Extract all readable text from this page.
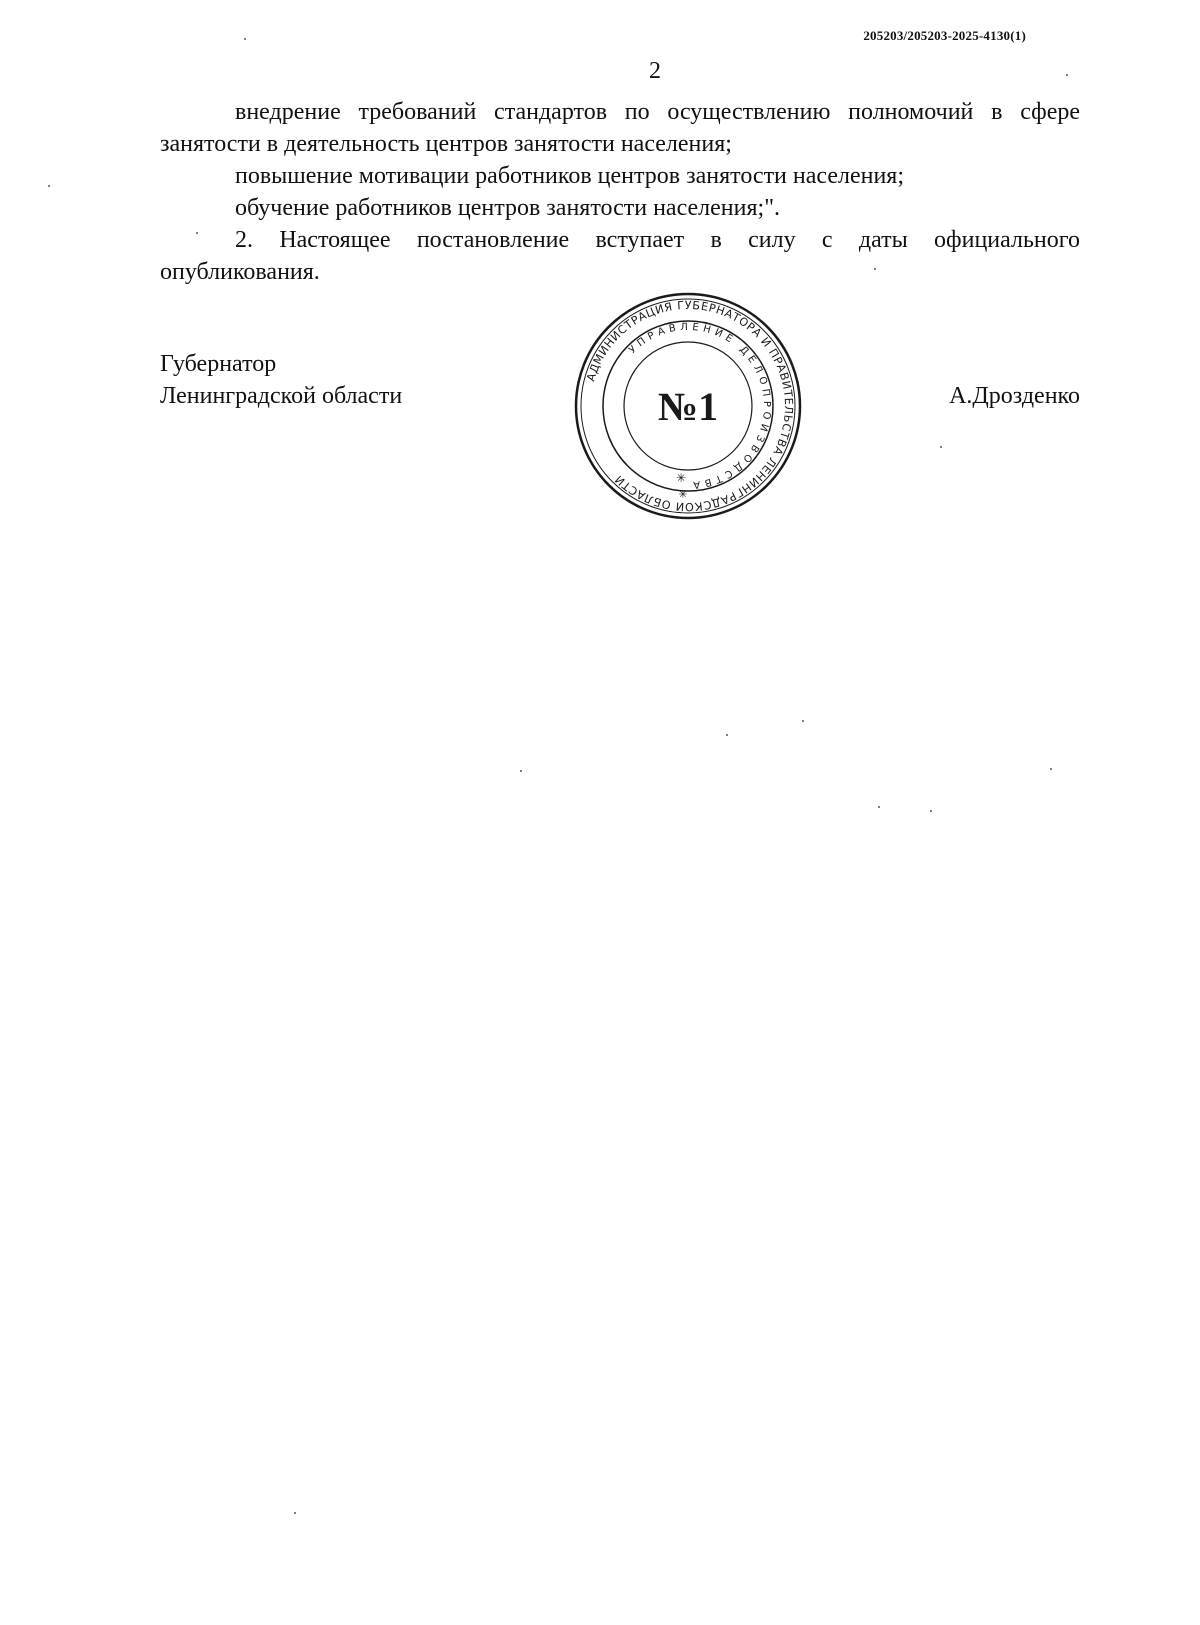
205203/205203-2025-4130(1)
2

внедрение требований стандартов по осуществлению полномочий в сфере занятости в деятельность центров занятости населения;

повышение мотивации работников центров занятости населения;

обучение работников центров занятости населения;".

2. Настоящее постановление вступает в силу с даты официального опубликования.

Губернатор
Ленинградской области	А.Дрозденко
АДМИНИСТРАЦИЯ ГУБЕРНАТОРА И ПРАВИТЕЛЬСТВА ЛЕНИНГРАДСКОЙ ОБЛАСТИ
УПРАВЛЕНИЕ ДЕЛОПРОИЗВОДСТВА
№1
✳
✳
